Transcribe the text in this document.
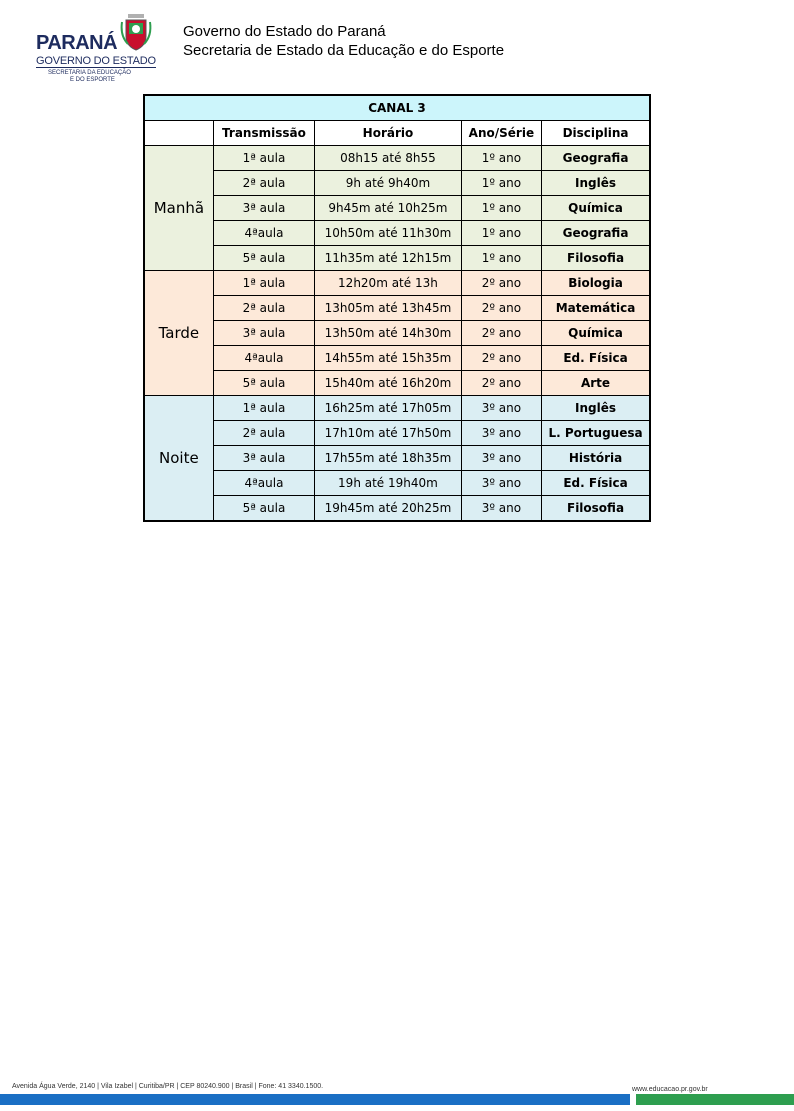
PARANÁ
GOVERNO DO ESTADO
SECRETARIA DA EDUCAÇÃO
E DO ESPORTE
Governo do Estado do Paraná
Secretaria de Estado da Educação e do Esporte
CANAL 3				
	Transmissão	Horário	Ano/Série	Disciplina
Manhã	1ª aula	08h15 até 8h55	1º ano	Geografia
	2ª aula	9h até 9h40m	1º ano	Inglês
	3ª aula	9h45m até 10h25m	1º ano	Química
	4ªaula	10h50m até 11h30m	1º ano	Geografia
	5ª aula	11h35m até 12h15m	1º ano	Filosofia
Tarde	1ª aula	12h20m até 13h	2º ano	Biologia
	2ª aula	13h05m até 13h45m	2º ano	Matemática
	3ª aula	13h50m até 14h30m	2º ano	Química
	4ªaula	14h55m até 15h35m	2º ano	Ed. Física
	5ª aula	15h40m até 16h20m	2º ano	Arte
Noite	1ª aula	16h25m até 17h05m	3º ano	Inglês
	2ª aula	17h10m até 17h50m	3º ano	L. Portuguesa
	3ª aula	17h55m até 18h35m	3º ano	História
	4ªaula	19h até 19h40m	3º ano	Ed. Física
	5ª aula	19h45m até 20h25m	3º ano	Filosofia
Avenida Água Verde, 2140 | Vila Izabel | Curitiba/PR | CEP 80240.900 | Brasil | Fone: 41 3340.1500.	www.educacao.pr.gov.br
